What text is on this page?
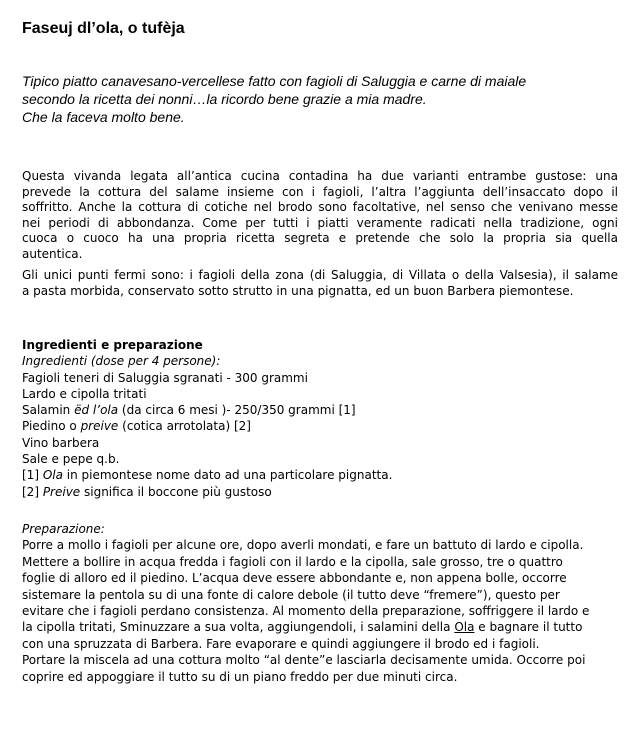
Faseuj dl’ola, o tufèja
Tipico piatto canavesano-vercellese fatto con fagioli di Saluggia e carne di maiale
secondo la ricetta dei nonni…la ricordo bene grazie a mia madre.
Che la faceva molto bene.
Questa vivanda legata all’antica cucina contadina ha due varianti entrambe gustose: una
prevede la cottura del salame insieme con i fagioli, l’altra l’aggiunta dell’insaccato dopo il
soffritto. Anche la cottura di cotiche nel brodo sono facoltative, nel senso che venivano messe
nei periodi di abbondanza. Come per tutti i piatti veramente radicati nella tradizione, ogni
cuoca o cuoco ha una propria ricetta segreta e pretende che solo la propria sia quella
autentica.
Gli unici punti fermi sono: i fagioli della zona (di Saluggia, di Villata o della Valsesia), il salame
a pasta morbida, conservato sotto strutto in una pignatta, ed un buon Barbera piemontese.
Ingredienti e preparazione
Ingredienti (dose per 4 persone):
Fagioli teneri di Saluggia sgranati - 300 grammi
Lardo e cipolla tritati
Salamin ëd l’ola (da circa 6 mesi )- 250/350 grammi [1]
Piedino o preive (cotica arrotolata) [2]
Vino barbera
Sale e pepe q.b.
[1] Ola in piemontese nome dato ad una particolare pignatta.
[2] Preive significa il boccone più gustoso
Preparazione:
Porre a mollo i fagioli per alcune ore, dopo averli mondati, e fare un battuto di lardo e cipolla.
Mettere a bollire in acqua fredda i fagioli con il lardo e la cipolla, sale grosso, tre o quattro
foglie di alloro ed il piedino. L’acqua deve essere abbondante e, non appena bolle, occorre
sistemare la pentola su di una fonte di calore debole (il tutto deve “fremere”), questo per
evitare che i fagioli perdano consistenza. Al momento della preparazione, soffriggere il lardo e
la cipolla tritati, Sminuzzare a sua volta, aggiungendoli, i salamini della Ola e bagnare il tutto
con una spruzzata di Barbera. Fare evaporare e quindi aggiungere il brodo ed i fagioli.
Portare la miscela ad una cottura molto “al dente”e lasciarla decisamente umida. Occorre poi
coprire ed appoggiare il tutto su di un piano freddo per due minuti circa.
